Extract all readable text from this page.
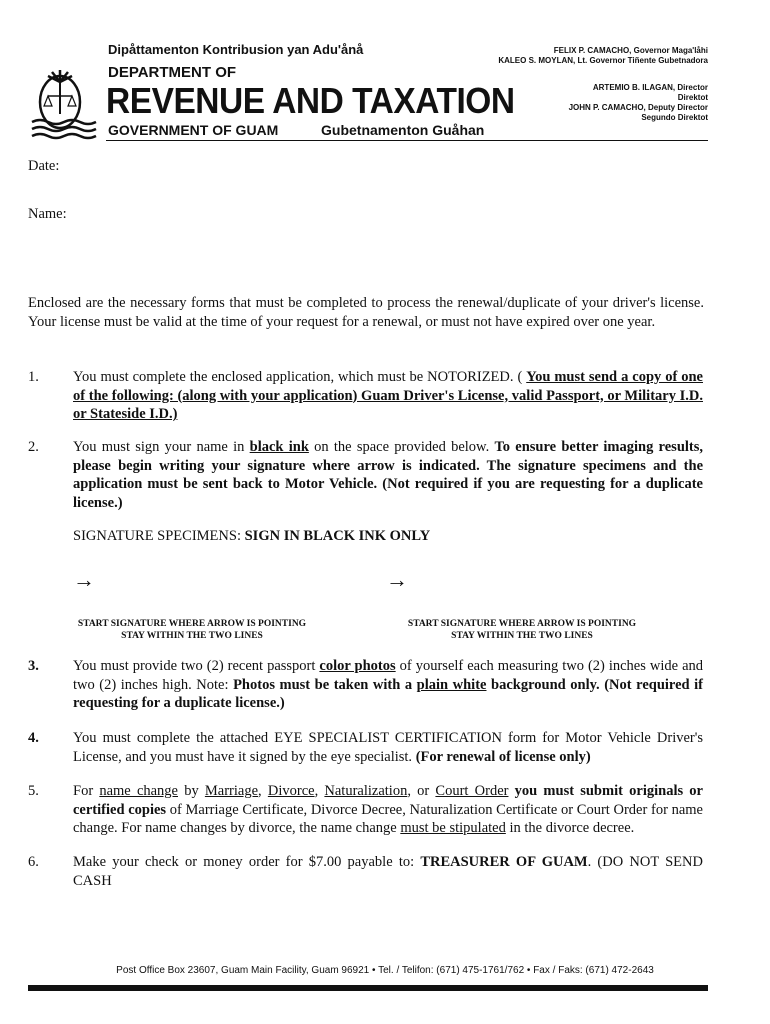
Dipåttamenton Kontribusion yan Adu'ånå
DEPARTMENT OF
REVENUE AND TAXATION
GOVERNMENT OF GUAM	Gubetnamenton Guåhan
FELIX P. CAMACHO, Governor Maga'låhi
KALEO S. MOYLAN, Lt. Governor Tiñente Gubetnadora
ARTEMIO B. ILAGAN, Director
Direktot
JOHN P. CAMACHO, Deputy Director
Segundo Direktot
Date:
Name:
Enclosed are the necessary forms that must be completed to process the renewal/duplicate of your driver's license. Your license must be valid at the time of your request for a renewal, or must not have expired over one year.
1. You must complete the enclosed application, which must be NOTORIZED. ( You must send a copy of one of the following: (along with your application) Guam Driver's License, valid Passport, or Military I.D. or Stateside I.D.)
2. You must sign your name in black ink on the space provided below. To ensure better imaging results, please begin writing your signature where arrow is indicated. The signature specimens and the application must be sent back to Motor Vehicle. (Not required if you are requesting for a duplicate license.)
SIGNATURE SPECIMENS: SIGN IN BLACK INK ONLY
→	→
START SIGNATURE WHERE ARROW IS POINTING
STAY WITHIN THE TWO LINES
START SIGNATURE WHERE ARROW IS POINTING
STAY WITHIN THE TWO LINES
3. You must provide two (2) recent passport color photos of yourself each measuring two (2) inches wide and two (2) inches high. Note: Photos must be taken with a plain white background only. (Not required if requesting for a duplicate license.)
4. You must complete the attached EYE SPECIALIST CERTIFICATION form for Motor Vehicle Driver's License, and you must have it signed by the eye specialist. (For renewal of license only)
5. For name change by Marriage, Divorce, Naturalization, or Court Order you must submit originals or certified copies of Marriage Certificate, Divorce Decree, Naturalization Certificate or Court Order for name change. For name changes by divorce, the name change must be stipulated in the divorce decree.
6. Make your check or money order for $7.00 payable to: TREASURER OF GUAM. (DO NOT SEND CASH
Post Office Box 23607, Guam Main Facility, Guam 96921 • Tel. / Telifon: (671) 475-1761/762 • Fax / Faks: (671) 472-2643
